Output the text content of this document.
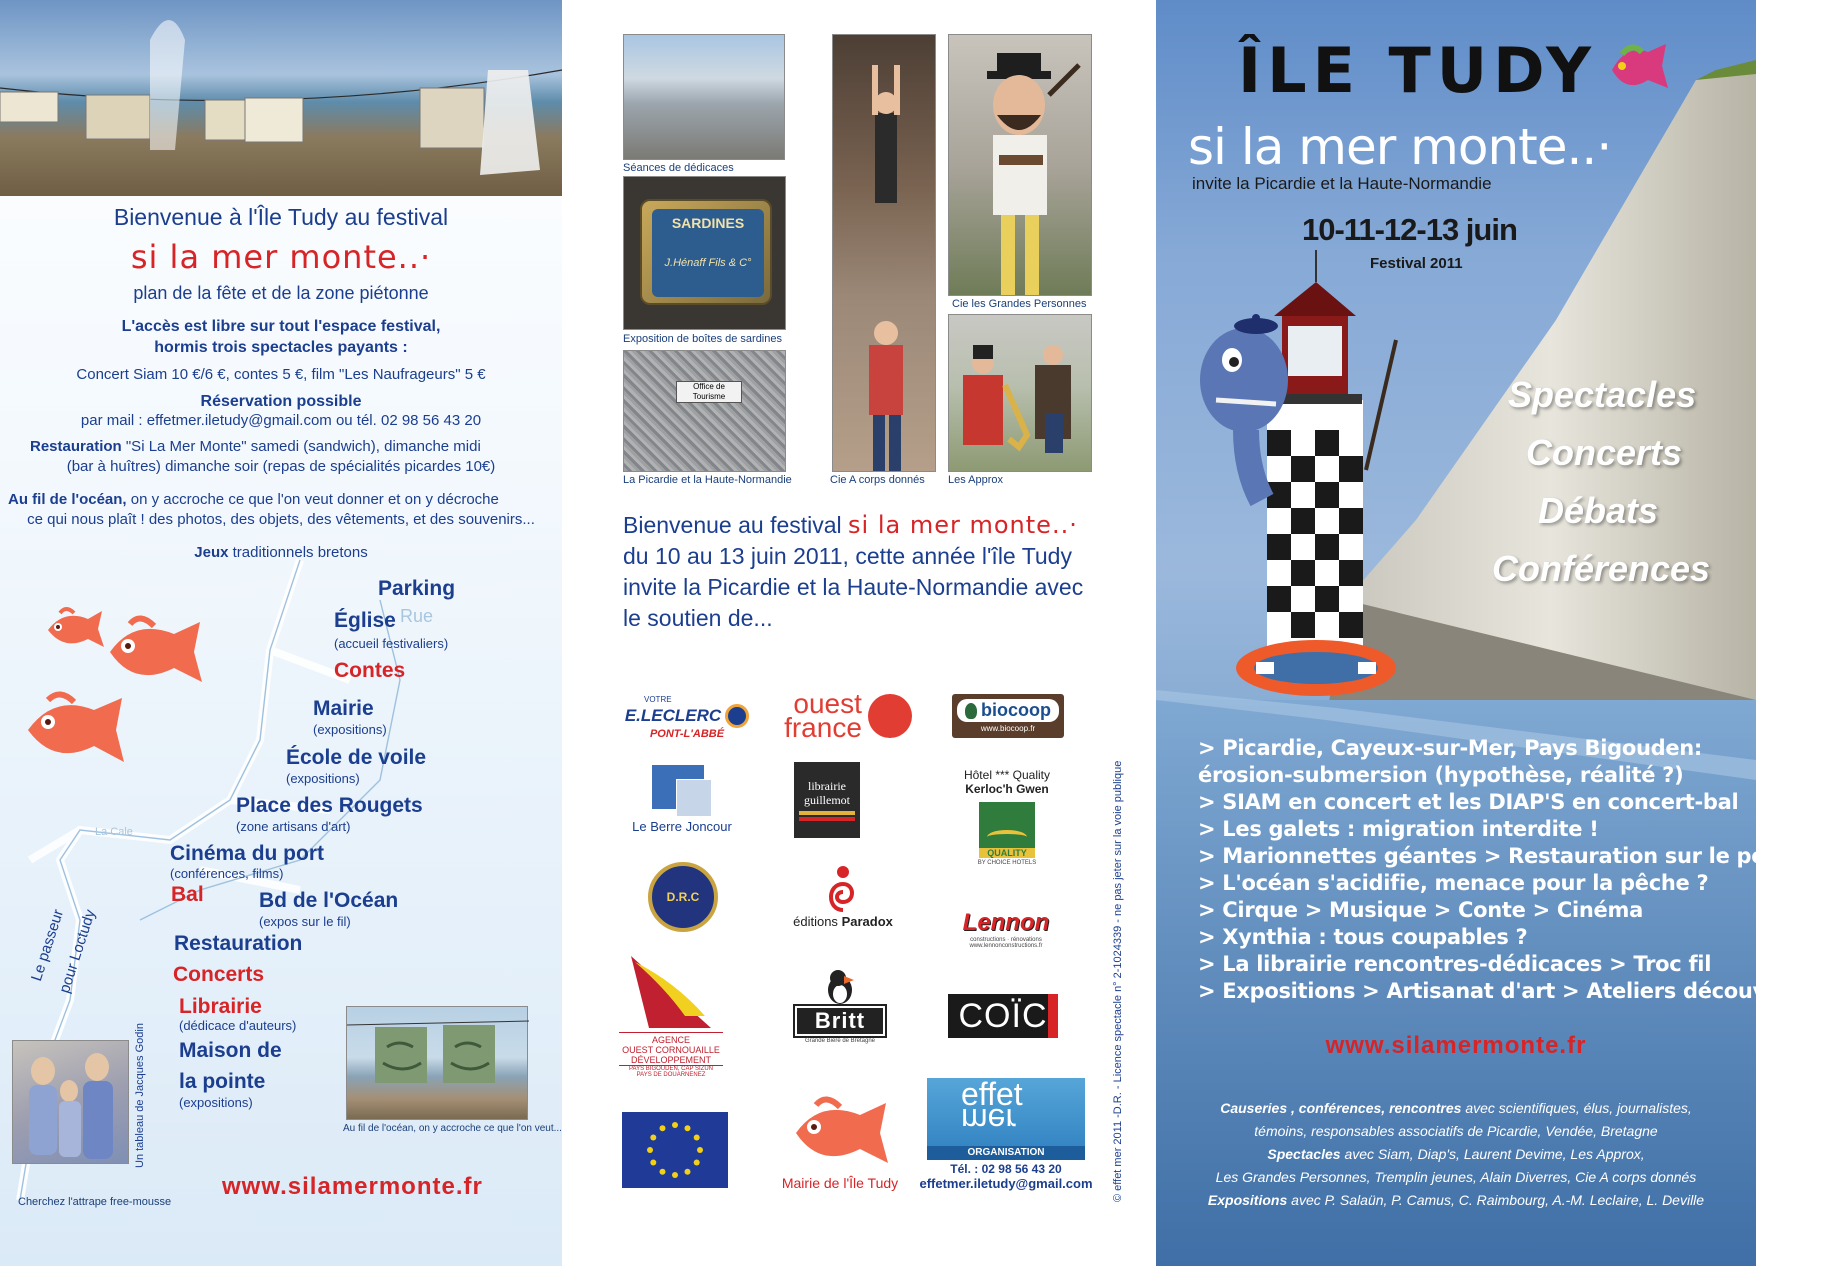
Bienvenue à l'Île Tudy au festival
si la mer monte..·
plan de la fête et de la zone piétonne
L'accès est libre sur tout l'espace festival,
hormis trois spectacles payants :
Concert Siam 10 €/6 €, contes 5 €, film "Les Naufrageurs" 5 €
Réservation possible
par mail : effetmer.iletudy@gmail.com ou tél. 02 98 56 43 20
Restauration "Si La Mer Monte" samedi (sandwich), dimanche midi
(bar à huîtres) dimanche soir (repas de spécialités picardes 10€)
Au fil de l'océan, on y accroche ce que l'on veut donner et on y décroche
ce qui nous plaît ! des photos, des objets, des vêtements, et des souvenirs...
Jeux traditionnels bretons
Rue
La Cale
Parking
Église
(accueil festivaliers)
Contes
Mairie
(expositions)
École de voile
(expositions)
Place des Rougets
(zone artisans d'art)
Cinéma du port
(conférences, films)
Bal	Bd de l'Océan
(expos sur le fil)
Restauration
Concerts
Librairie
(dédicace d'auteurs)
Maison de
la pointe
(expositions)
Le passeur
pour Loctudy
Un tableau de Jacques Godin
Cherchez l'attrape free-mousse
Au fil de l'océan, on y accroche ce que l'on veut...
www.silamermonte.fr
Séances de dédicaces
SARDINES
J.Hénaff Fils & C°
Exposition de boîtes de sardines
Office de Tourisme
La Picardie et la Haute-Normandie	Cie A corps donnés
Cie les Grandes Personnes
Les Approx
Bienvenue au festival si la mer monte..·
du 10 au 13 juin 2011, cette année l'île Tudy
invite la Picardie et la Haute-Normandie avec
le soutien de...
VOTRE
E.LECLERC
PONT-L'ABBÉ
ouest
france
biocoop
www.biocoop.fr
Le Berre Joncour
librairie
guillemot
Hôtel *** Quality
Kerloc'h Gwen
QUALITY
BY CHOICE HOTELS
D.R.C
éditions Paradox	Lennon
constructions · rénovations
www.lennonconstructions.fr
AGENCE
OUEST CORNOUAILLE
DÉVELOPPEMENT
PAYS BIGOUDEN, CAP SIZUN
PAYS DE DOUARNENEZ
Britt
Grande Bière de Bretagne
COÏC
Mairie de l'Île Tudy
effet
mer
ORGANISATION
Tél. : 02 98 56 43 20
effetmer.iletudy@gmail.com © effet mer 2011 -D.R. - Licence spectacle n° 2-1024339 - ne pas jeter sur la voie publique
ÎLE TUDY
si la mer monte..·
invite la Picardie et la Haute-Normandie
10-11-12-13 juin
Festival 2011
Spectacles
Concerts
Débats
Conférences
> Picardie, Cayeux-sur-Mer, Pays Bigouden:
érosion-submersion (hypothèse, réalité ?)
> SIAM en concert et les DIAP'S en concert-bal
> Les galets : migration interdite !
> Marionnettes géantes > Restauration sur le port
> L'océan s'acidifie, menace pour la pêche ?
> Cirque > Musique > Conte > Cinéma
> Xynthia : tous coupables ?
> La librairie rencontres-dédicaces > Troc fil
> Expositions > Artisanat d'art > Ateliers découvertes
www.silamermonte.fr
Causeries , conférences, rencontres avec scientifiques, élus, journalistes,
témoins, responsables associatifs de Picardie, Vendée, Bretagne
Spectacles avec Siam, Diap's, Laurent Devime, Les Approx,
Les Grandes Personnes, Tremplin jeunes, Alain Diverres, Cie A corps donnés
Expositions avec P. Salaün, P. Camus, C. Raimbourg, A.-M. Leclaire, L. Deville
